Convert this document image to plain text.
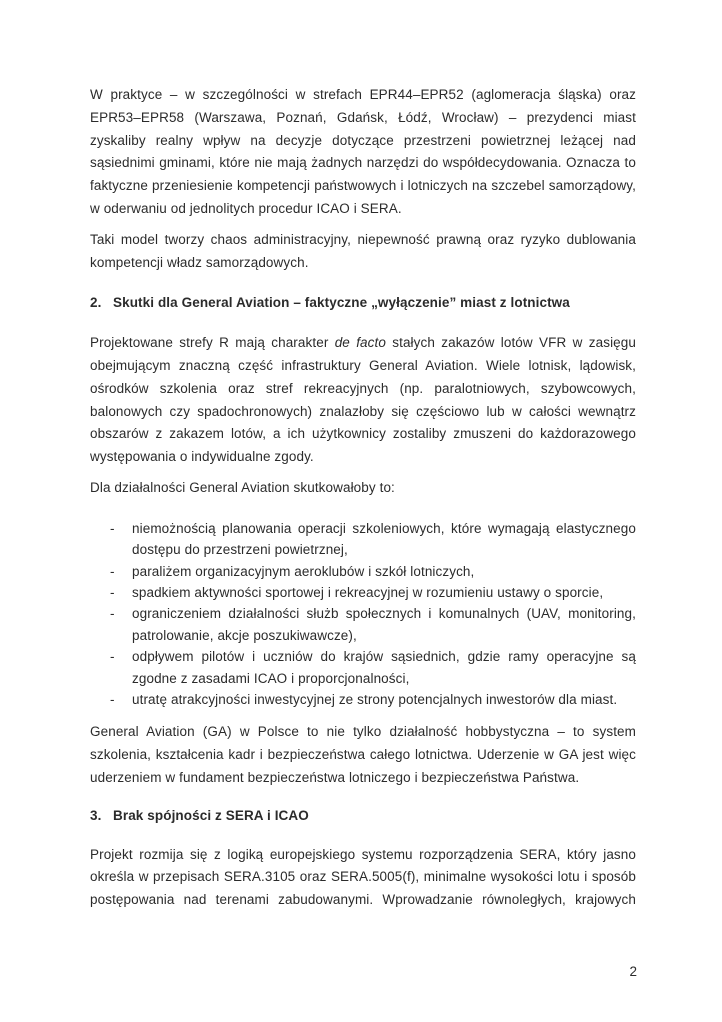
W praktyce – w szczególności w strefach EPR44–EPR52 (aglomeracja śląska) oraz EPR53–EPR58 (Warszawa, Poznań, Gdańsk, Łódź, Wrocław) – prezydenci miast zyskaliby realny wpływ na decyzje dotyczące przestrzeni powietrznej leżącej nad sąsiednimi gminami, które nie mają żadnych narzędzi do współdecydowania. Oznacza to faktyczne przeniesienie kompetencji państwowych i lotniczych na szczebel samorządowy, w oderwaniu od jednolitych procedur ICAO i SERA.

Taki model tworzy chaos administracyjny, niepewność prawną oraz ryzyko dublowania kompetencji władz samorządowych.

2. Skutki dla General Aviation – faktyczne „wyłączenie” miast z lotnictwa

Projektowane strefy R mają charakter de facto stałych zakazów lotów VFR w zasięgu obejmującym znaczną część infrastruktury General Aviation. Wiele lotnisk, lądowisk, ośrodków szkolenia oraz stref rekreacyjnych (np. paralotniowych, szybowcowych, balonowych czy spadochronowych) znalazłoby się częściowo lub w całości wewnątrz obszarów z zakazem lotów, a ich użytkownicy zostaliby zmuszeni do każdorazowego występowania o indywidualne zgody.

Dla działalności General Aviation skutkowałoby to:

- niemożnością planowania operacji szkoleniowych, które wymagają elastycznego dostępu do przestrzeni powietrznej,
- paraliżem organizacyjnym aeroklubów i szkół lotniczych,
- spadkiem aktywności sportowej i rekreacyjnej w rozumieniu ustawy o sporcie,
- ograniczeniem działalności służb społecznych i komunalnych (UAV, monitoring, patrolowanie, akcje poszukiwawcze),
- odpływem pilotów i uczniów do krajów sąsiednich, gdzie ramy operacyjne są zgodne z zasadami ICAO i proporcjonalności,
- utratę atrakcyjności inwestycyjnej ze strony potencjalnych inwestorów dla miast.

General Aviation (GA) w Polsce to nie tylko działalność hobbystyczna – to system szkolenia, kształcenia kadr i bezpieczeństwa całego lotnictwa. Uderzenie w GA jest więc uderzeniem w fundament bezpieczeństwa lotniczego i bezpieczeństwa Państwa.

3. Brak spójności z SERA i ICAO

Projekt rozmija się z logiką europejskiego systemu rozporządzenia SERA, który jasno określa w przepisach SERA.3105 oraz SERA.5005(f), minimalne wysokości lotu i sposób postępowania nad terenami zabudowanymi. Wprowadzanie równoległych, krajowych

2
